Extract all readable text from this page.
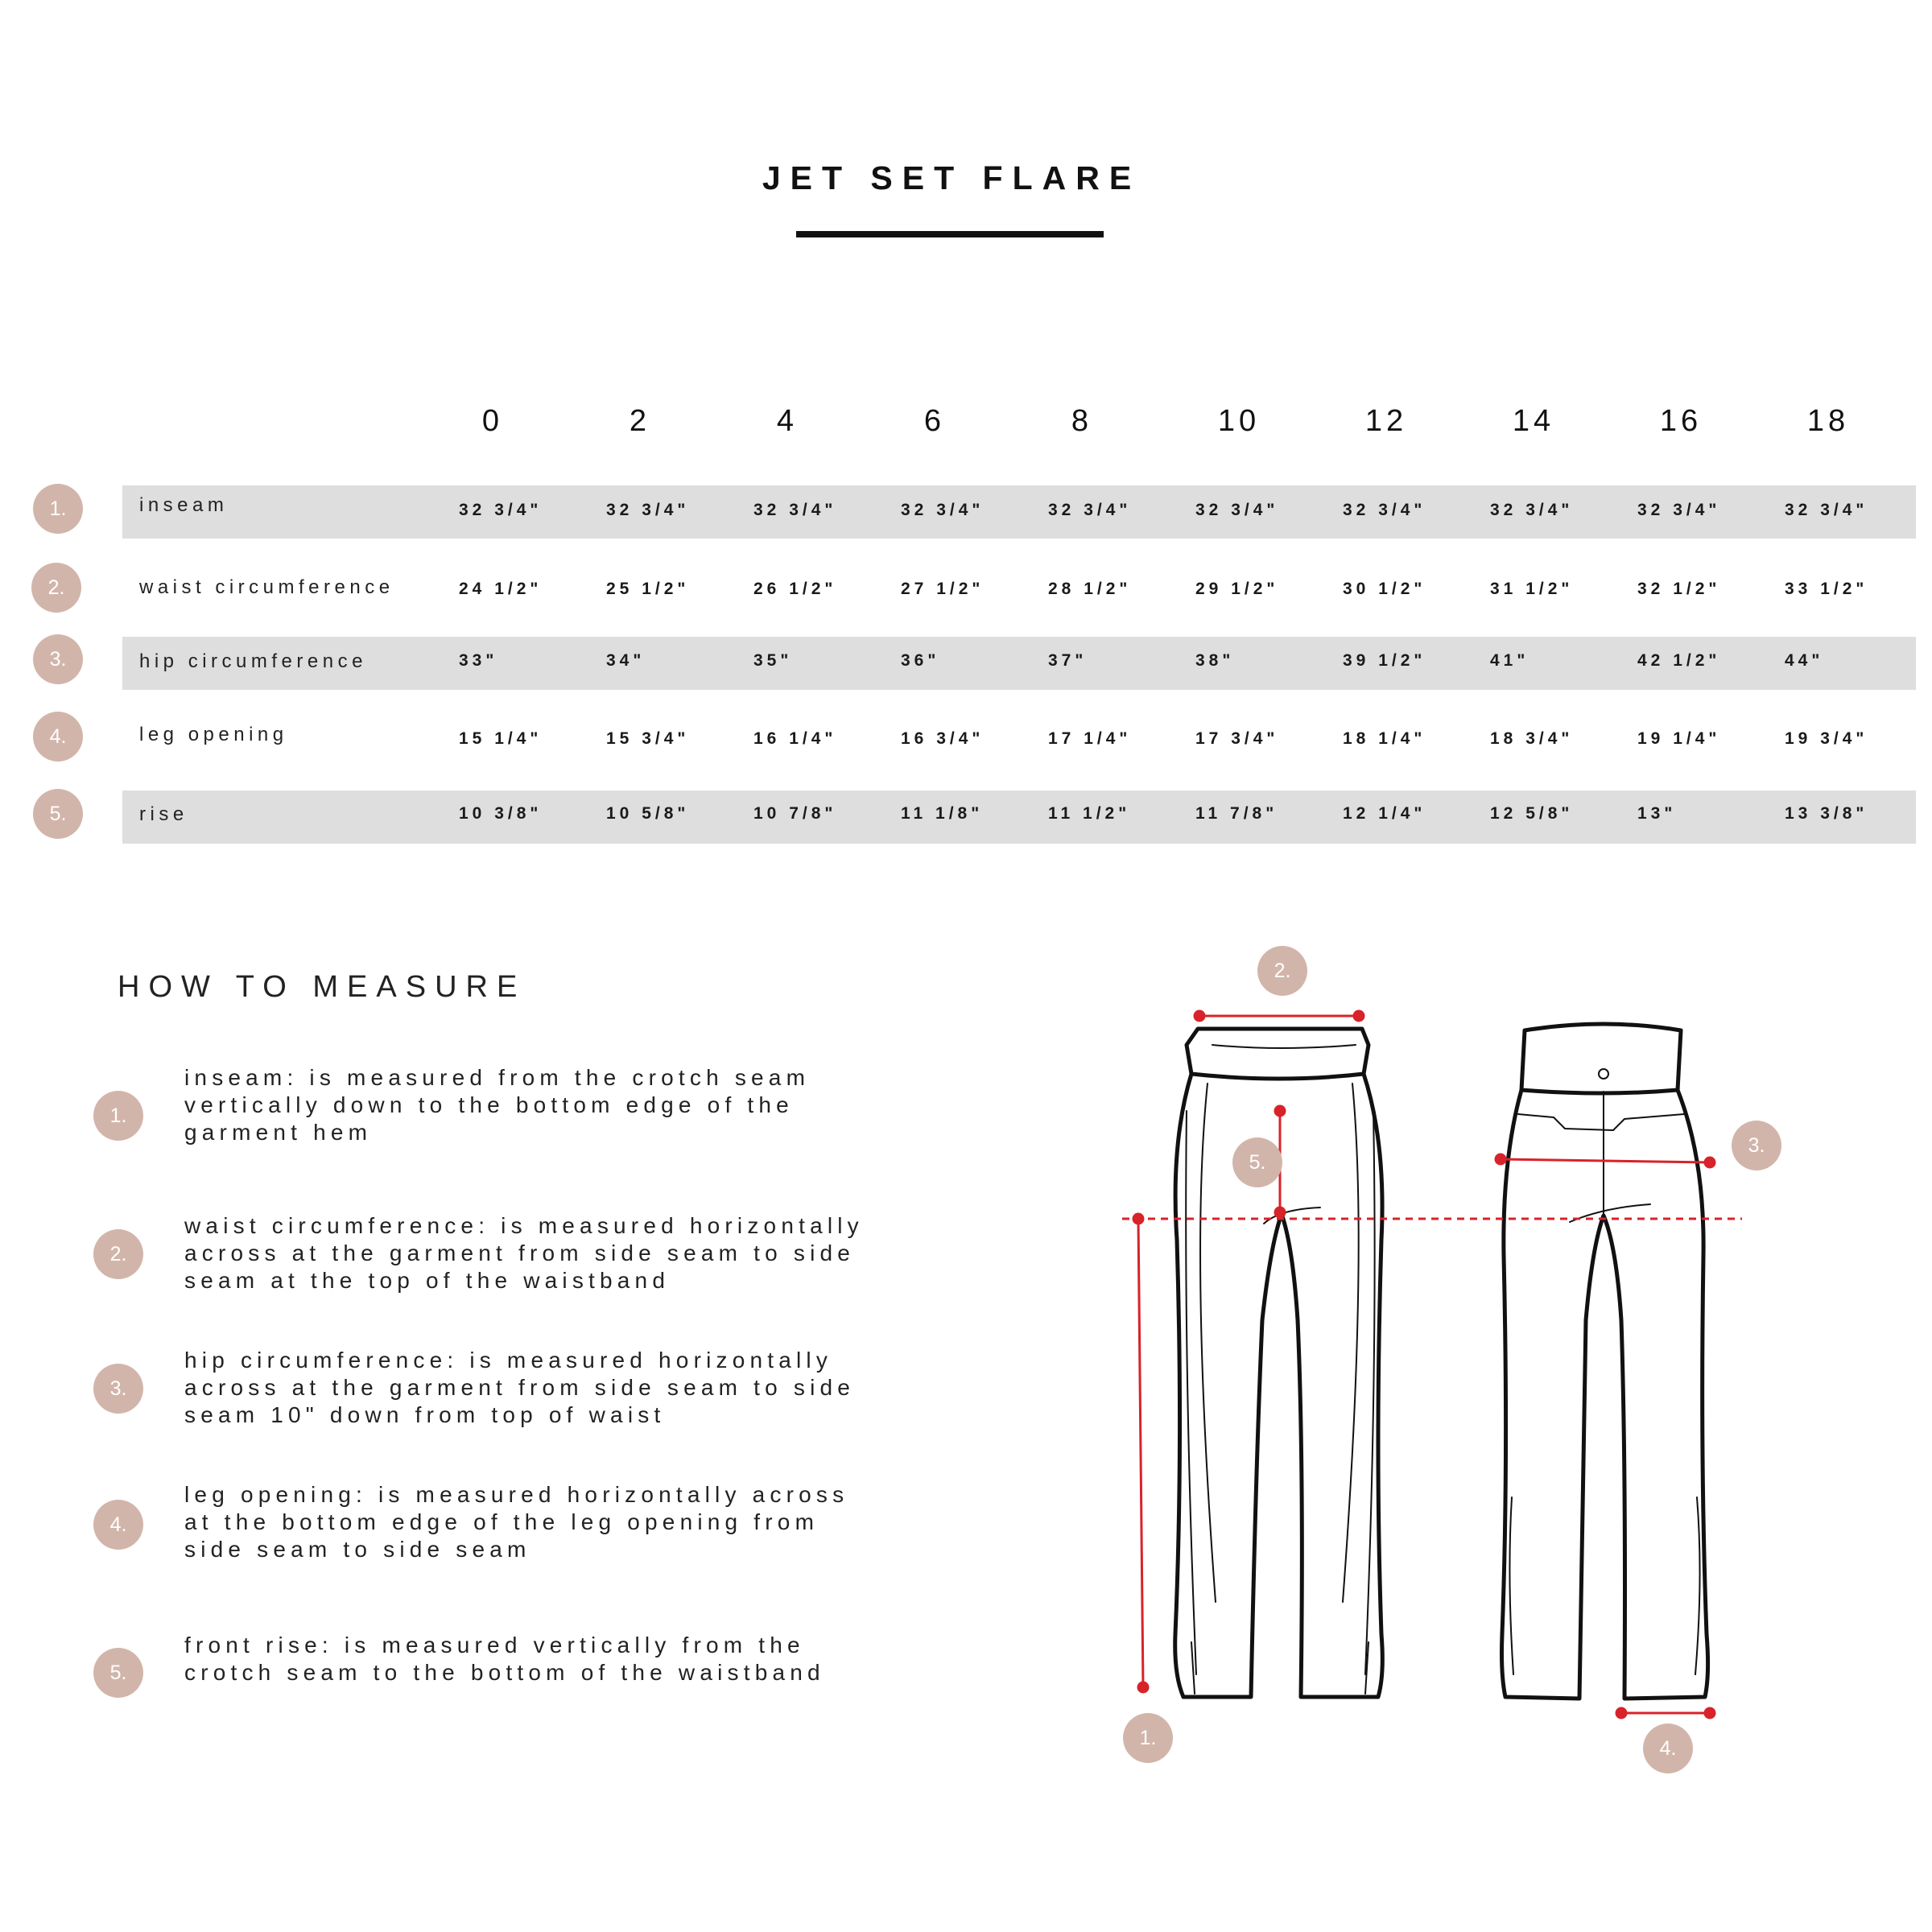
JET SET FLARE
0	2	4	6	8	10	12	14	16	18
1.	inseam	32 3/4"	32 3/4"	32 3/4"	32 3/4"	32 3/4"	32 3/4"	32 3/4"	32 3/4"	32 3/4"	32 3/4"
2.	waist circumference	24 1/2"	25 1/2"	26 1/2"	27 1/2"	28 1/2"	29 1/2"	30 1/2"	31 1/2"	32 1/2"	33 1/2"
3.	hip circumference	33"	34"	35"	36"	37"	38"	39 1/2"	41"	42 1/2"	44"
4.	leg opening	15 1/4"	15 3/4"	16 1/4"	16 3/4"	17 1/4"	17 3/4"	18 1/4"	18 3/4"	19 1/4"	19 3/4"
5.	rise	10 3/8"	10 5/8"	10 7/8"	11 1/8"	11 1/2"	11 7/8"	12 1/4"	12 5/8"	13"	13 3/8"
HOW TO MEASURE
1.
inseam: is measured from the crotch seam
vertically down to the bottom edge of the
garment hem
2.
waist circumference: is measured horizontally
across at the garment from side seam to side
seam at the top of the waistband
3.
hip circumference: is measured horizontally
across at the garment from side seam to side
seam 10" down from top of waist
4.
leg opening: is measured horizontally across
at the bottom edge of the leg opening from
side seam to side seam
5.
front rise: is measured vertically from the
crotch seam to the bottom of the waistband
1.
2.
3.
4.
5.
